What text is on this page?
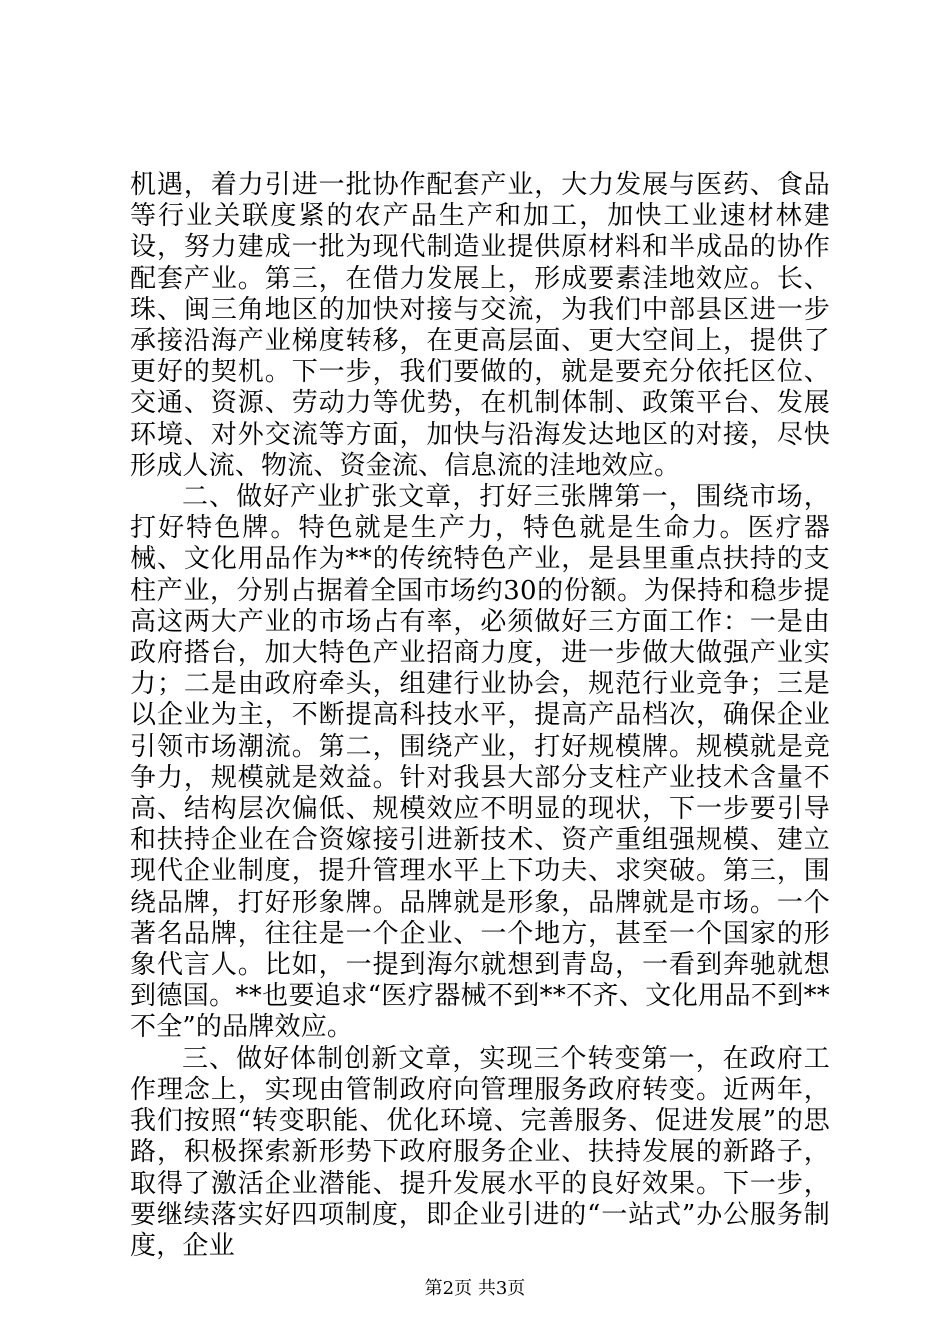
机遇，着力引进一批协作配套产业，大力发展与医药、食品等行业关联度紧的农产品生产和加工，加快工业速材林建设，努力建成一批为现代制造业提供原材料和半成品的协作配套产业。第三，在借力发展上，形成要素洼地效应。长、珠、闽三角地区的加快对接与交流，为我们中部县区进一步承接沿海产业梯度转移，在更高层面、更大空间上，提供了更好的契机。下一步，我们要做的，就是要充分依托区位、交通、资源、劳动力等优势，在机制体制、政策平台、发展环境、对外交流等方面，加快与沿海发达地区的对接，尽快形成人流、物流、资金流、信息流的洼地效应。

二、做好产业扩张文章，打好三张牌第一，围绕市场，打好特色牌。特色就是生产力，特色就是生命力。医疗器械、文化用品作为**的传统特色产业，是县里重点扶持的支柱产业，分别占据着全国市场约30的份额。为保持和稳步提高这两大产业的市场占有率，必须做好三方面工作：一是由政府搭台，加大特色产业招商力度，进一步做大做强产业实力；二是由政府牵头，组建行业协会，规范行业竞争；三是以企业为主，不断提高科技水平，提高产品档次，确保企业引领市场潮流。第二，围绕产业，打好规模牌。规模就是竞争力，规模就是效益。针对我县大部分支柱产业技术含量不高、结构层次偏低、规模效应不明显的现状，下一步要引导和扶持企业在合资嫁接引进新技术、资产重组强规模、建立现代企业制度，提升管理水平上下功夫、求突破。第三，围绕品牌，打好形象牌。品牌就是形象，品牌就是市场。一个著名品牌，往往是一个企业、一个地方，甚至一个国家的形象代言人。比如，一提到海尔就想到青岛，一看到奔驰就想到德国。**也要追求“医疗器械不到**不齐、文化用品不到**不全”的品牌效应。

三、做好体制创新文章，实现三个转变第一，在政府工作理念上，实现由管制政府向管理服务政府转变。近两年，我们按照“转变职能、优化环境、完善服务、促进发展”的思路，积极探索新形势下政府服务企业、扶持发展的新路子，取得了激活企业潜能、提升发展水平的良好效果。下一步，要继续落实好四项制度，即企业引进的“一站式”办公服务制度，企业

第2页 共3页
